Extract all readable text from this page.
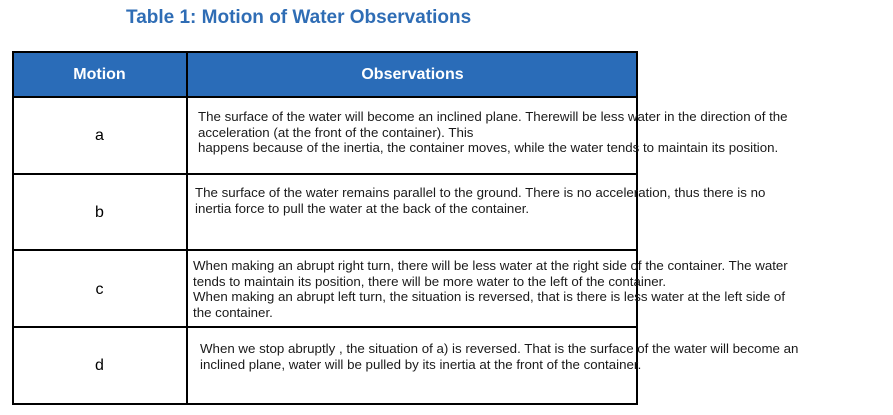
Table 1: Motion of Water Observations
Motion	Observations
a
The surface of the water will become an inclined plane. Therewill be less water in the direction of the
acceleration (at the front of the container). This
happens because of the inertia, the container moves, while the water tends to maintain its position.
b
The surface of the water remains parallel to the ground. There is no acceleration, thus there is no
inertia force to pull the water at the back of the container.
c
When making an abrupt right turn, there will be less water at the right side of the container. The water
tends to maintain its position, there will be more water to the left of the container.
When making an abrupt left turn, the situation is reversed, that is there is less water at the left side of
the container.
d
When we stop abruptly , the situation of a) is reversed. That is the surface of the water will become an
inclined plane, water will be pulled by its inertia at the front of the container.
